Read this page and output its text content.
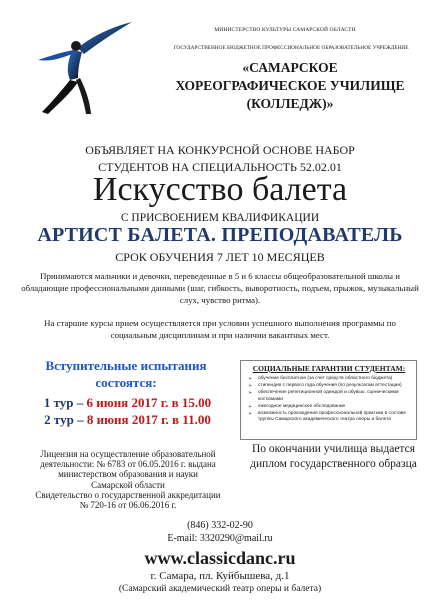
МИНИСТЕРСТВО КУЛЬТУРЫ САМАРСКОЙ ОБЛАСТИ
ГОСУДАРСТВЕННОЕ БЮДЖЕТНОЕ ПРОФЕССИОНАЛЬНОЕ ОБРАЗОВАТЕЛЬНОЕ УЧРЕЖДЕНИЕ
«САМАРСКОЕ
ХОРЕОГРАФИЧЕСКОЕ УЧИЛИЩЕ
(КОЛЛЕДЖ)»
ОБЪЯВЛЯЕТ НА КОНКУРСНОЙ ОСНОВЕ НАБОР
СТУДЕНТОВ НА СПЕЦИАЛЬНОСТЬ 52.02.01
Искусство балета
С ПРИСВОЕНИЕМ КВАЛИФИКАЦИИ
АРТИСТ БАЛЕТА. ПРЕПОДАВАТЕЛЬ
СРОК ОБУЧЕНИЯ 7 ЛЕТ 10 МЕСЯЦЕВ
Принимаются мальчики и девочки, переведенные в 5 и 6 классы общеобразовательной школы и обладающие профессиональными данными (шаг, гибкость, выворотность, подъем, прыжок, музыкальный слух, чувство ритма).
На старшие курсы прием осуществляется при условии успешного выполнения программы по социальным дисциплинам и при наличии вакантных мест.
Вступительные испытания
состоятся:
1 тур – 6 июня 2017 г. в 15.00
2 тур – 8 июня 2017 г. в 11.00
СОЦИАЛЬНЫЕ ГАРАНТИИ СТУДЕНТАМ:
➢ обучение бесплатное (за счет средств областного бюджета)
➢ стипендия с первого года обучения (по результатам аттестации)
➢ обеспечение репетиционной одеждой и обувью, сценическими костюмами
➢ ежегодное медицинское обследование
➢ возможность прохождения профессиональной практики в составе труппы Самарского академического театра оперы и балета
Лицензия на осуществление образовательной
деятельности: № 6783 от 06.05.2016 г. выдана
министерством образования и науки
Самарской области
Свидетельство о государственной аккредитации
№ 720-16 от 06.06.2016 г.
По окончании училища выдается
диплом государственного образца
(846) 332-02-90
E-mail: 3320290@mail.ru
www.classicdanc.ru
г. Самара, пл. Куйбышева, д.1
(Самарский академический театр оперы и балета)
